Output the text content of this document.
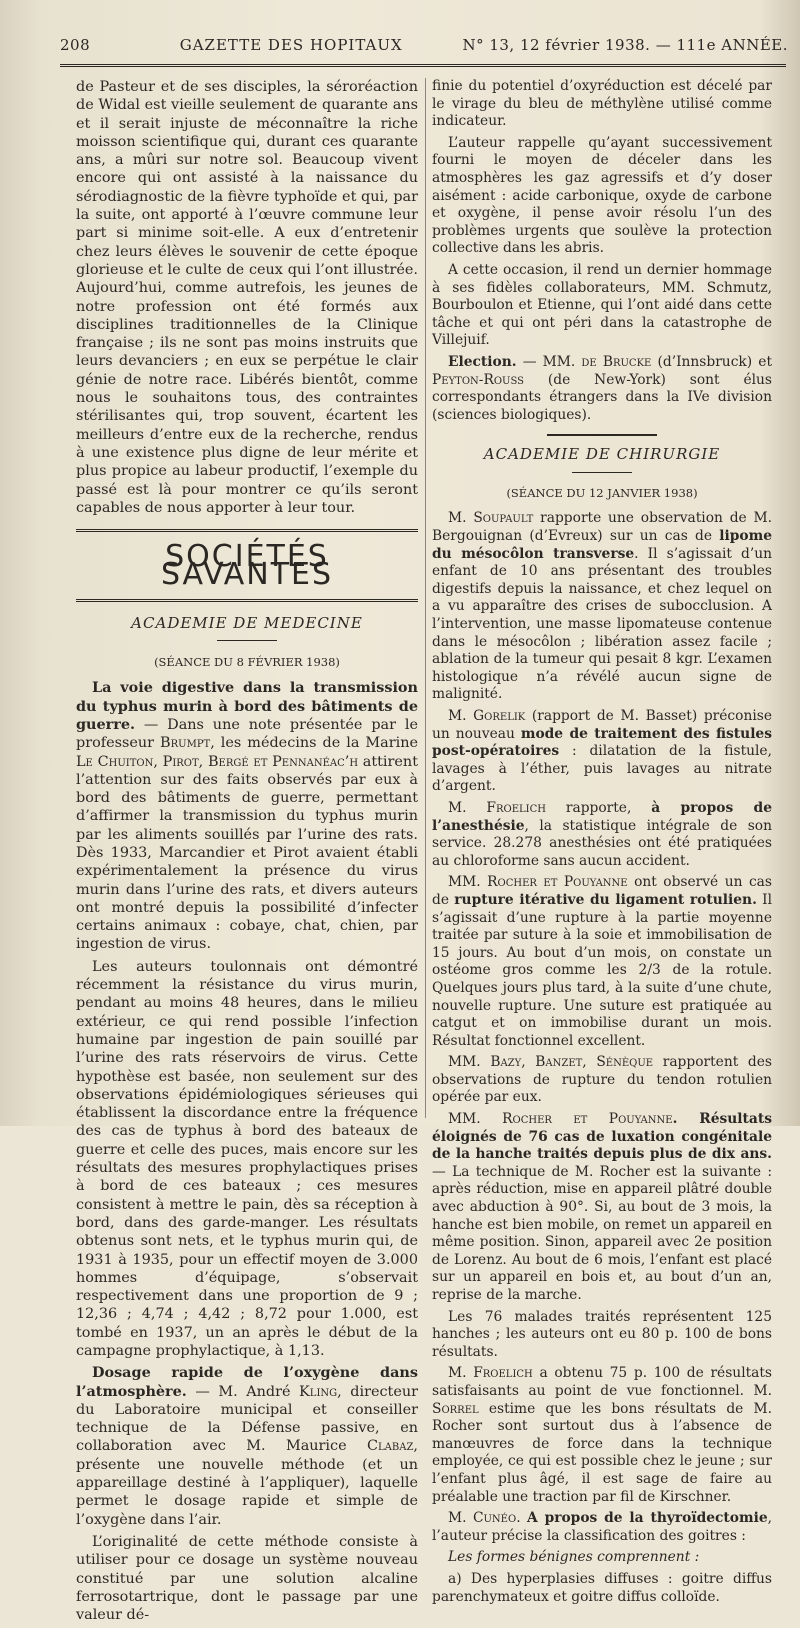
208	GAZETTE DES HOPITAUX	N° 13, 12 février 1938. — 111e ANNÉE.

de Pasteur et de ses disciples, la séroréaction de Widal est vieille seulement de quarante ans et il serait injuste de méconnaître la riche moisson scientifique qui, durant ces quarante ans, a mûri sur notre sol. Beaucoup vivent encore qui ont assisté à la naissance du sérodiagnostic de la fièvre typhoïde et qui, par la suite, ont apporté à l’œuvre commune leur part si minime soit-elle. A eux d’entretenir chez leurs élèves le souvenir de cette époque glorieuse et le culte de ceux qui l’ont illustrée. Aujourd’hui, comme autrefois, les jeunes de notre profession ont été formés aux disciplines traditionnelles de la Clinique française ; ils ne sont pas moins instruits que leurs devanciers ; en eux se perpétue le clair génie de notre race. Libérés bientôt, comme nous le souhaitons tous, des contraintes stérilisantes qui, trop souvent, écartent les meilleurs d’entre eux de la recherche, rendus à une existence plus digne de leur mérite et plus propice au labeur productif, l’exemple du passé est là pour montrer ce qu’ils seront capables de nous apporter à leur tour.

SOCIÉTÉS SAVANTES
ACADEMIE DE MEDECINE
(SÉANCE DU 8 FÉVRIER 1938)

La voie digestive dans la transmission du typhus murin à bord des bâtiments de guerre. — Dans une note présentée par le professeur Brumpt, les médecins de la Marine Le Chuiton, Pirot, Bergé et Pennanéac’h attirent l’attention sur des faits observés par eux à bord des bâtiments de guerre, permettant d’affirmer la transmission du typhus murin par les aliments souillés par l’urine des rats. Dès 1933, Marcandier et Pirot avaient établi expérimentalement la présence du virus murin dans l’urine des rats, et divers auteurs ont montré depuis la possibilité d’infecter certains animaux : cobaye, chat, chien, par ingestion de virus.

Les auteurs toulonnais ont démontré récemment la résistance du virus murin, pendant au moins 48 heures, dans le milieu extérieur, ce qui rend possible l’infection humaine par ingestion de pain souillé par l’urine des rats réservoirs de virus. Cette hypothèse est basée, non seulement sur des observations épidémiologiques sérieuses qui établissent la discordance entre la fréquence des cas de typhus à bord des bateaux de guerre et celle des puces, mais encore sur les résultats des mesures prophylactiques prises à bord de ces bateaux ; ces mesures consistent à mettre le pain, dès sa réception à bord, dans des garde-manger. Les résultats obtenus sont nets, et le typhus murin qui, de 1931 à 1935, pour un effectif moyen de 3.000 hommes d’équipage, s’observait respectivement dans une proportion de 9 ; 12,36 ; 4,74 ; 4,42 ; 8,72 pour 1.000, est tombé en 1937, un an après le début de la campagne prophylactique, à 1,13.

Dosage rapide de l’oxygène dans l’atmosphère. — M. André Kling, directeur du Laboratoire municipal et conseiller technique de la Défense passive, en collaboration avec M. Maurice Clabaz, présente une nouvelle méthode (et un appareillage destiné à l’appliquer), laquelle permet le dosage rapide et simple de l’oxygène dans l’air.

L’originalité de cette méthode consiste à utiliser pour ce dosage un système nouveau constitué par une solution alcaline ferrosotartrique, dont le passage par une valeur dé-

finie du potentiel d’oxyréduction est décelé par le virage du bleu de méthylène utilisé comme indicateur.

L’auteur rappelle qu’ayant successivement fourni le moyen de déceler dans les atmosphères les gaz agressifs et d’y doser aisément : acide carbonique, oxyde de carbone et oxygène, il pense avoir résolu l’un des problèmes urgents que soulève la protection collective dans les abris.

A cette occasion, il rend un dernier hommage à ses fidèles collaborateurs, MM. Schmutz, Bourboulon et Etienne, qui l’ont aidé dans cette tâche et qui ont péri dans la catastrophe de Villejuif.

Election. — MM. de Brucke (d’Innsbruck) et Peyton-Rouss (de New-York) sont élus correspondants étrangers dans la IVe division (sciences biologiques).

ACADEMIE DE CHIRURGIE
(SÉANCE DU 12 JANVIER 1938)

M. Soupault rapporte une observation de M. Bergouignan (d’Evreux) sur un cas de lipome du mésocôlon transverse. Il s’agissait d’un enfant de 10 ans présentant des troubles digestifs depuis la naissance, et chez lequel on a vu apparaître des crises de subocclusion. A l’intervention, une masse lipomateuse contenue dans le mésocôlon ; libération assez facile ; ablation de la tumeur qui pesait 8 kgr. L’examen histologique n’a révélé aucun signe de malignité.

M. Gorelik (rapport de M. Basset) préconise un nouveau mode de traitement des fistules post-opératoires : dilatation de la fistule, lavages à l’éther, puis lavages au nitrate d’argent.

M. Froelich rapporte, à propos de l’anesthésie, la statistique intégrale de son service. 28.278 anesthésies ont été pratiquées au chloroforme sans aucun accident.

MM. Rocher et Pouyanne ont observé un cas de rupture itérative du ligament rotulien. Il s’agissait d’une rupture à la partie moyenne traitée par suture à la soie et immobilisation de 15 jours. Au bout d’un mois, on constate un ostéome gros comme les 2/3 de la rotule. Quelques jours plus tard, à la suite d’une chute, nouvelle rupture. Une suture est pratiquée au catgut et on immobilise durant un mois. Résultat fonctionnel excellent.

MM. Bazy, Banzet, Sénèque rapportent des observations de rupture du tendon rotulien opérée par eux.

MM. Rocher et Pouyanne. Résultats éloignés de 76 cas de luxation congénitale de la hanche traités depuis plus de dix ans. — La technique de M. Rocher est la suivante : après réduction, mise en appareil plâtré double avec abduction à 90°. Si, au bout de 3 mois, la hanche est bien mobile, on remet un appareil en même position. Sinon, appareil avec 2e position de Lorenz. Au bout de 6 mois, l’enfant est placé sur un appareil en bois et, au bout d’un an, reprise de la marche.

Les 76 malades traités représentent 125 hanches ; les auteurs ont eu 80 p. 100 de bons résultats.

M. Froelich a obtenu 75 p. 100 de résultats satisfaisants au point de vue fonctionnel. M. Sorrel estime que les bons résultats de M. Rocher sont surtout dus à l’absence de manœuvres de force dans la technique employée, ce qui est possible chez le jeune ; sur l’enfant plus âgé, il est sage de faire au préalable une traction par fil de Kirschner.

M. Cunéo. A propos de la thyroïdectomie, l’auteur précise la classification des goitres :

Les formes bénignes comprennent :

a) Des hyperplasies diffuses : goitre diffus parenchymateux et goitre diffus colloïde.
